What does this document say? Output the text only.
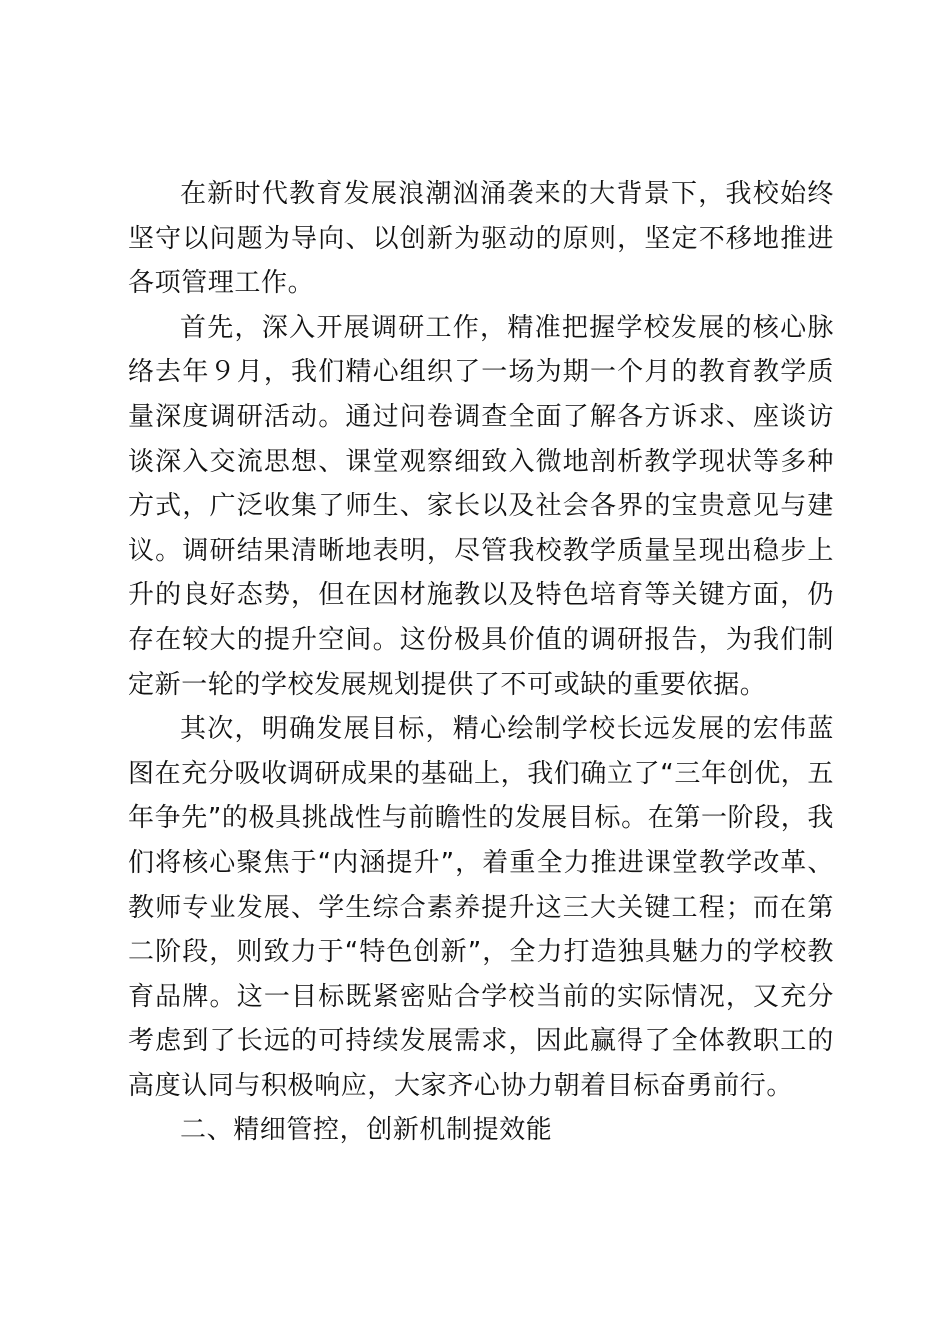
在新时代教育发展浪潮汹涌袭来的大背景下，我校始终坚守以问题为导向、以创新为驱动的原则，坚定不移地推进各项管理工作。

首先，深入开展调研工作，精准把握学校发展的核心脉络去年９月，我们精心组织了一场为期一个月的教育教学质量深度调研活动。通过问卷调查全面了解各方诉求、座谈访谈深入交流思想、课堂观察细致入微地剖析教学现状等多种方式，广泛收集了师生、家长以及社会各界的宝贵意见与建议。调研结果清晰地表明，尽管我校教学质量呈现出稳步上升的良好态势，但在因材施教以及特色培育等关键方面，仍存在较大的提升空间。这份极具价值的调研报告，为我们制定新一轮的学校发展规划提供了不可或缺的重要依据。

其次，明确发展目标，精心绘制学校长远发展的宏伟蓝图在充分吸收调研成果的基础上，我们确立了“三年创优，五年争先”的极具挑战性与前瞻性的发展目标。在第一阶段，我们将核心聚焦于“内涵提升”，着重全力推进课堂教学改革、教师专业发展、学生综合素养提升这三大关键工程；而在第二阶段，则致力于“特色创新”，全力打造独具魅力的学校教育品牌。这一目标既紧密贴合学校当前的实际情况，又充分考虑到了长远的可持续发展需求，因此赢得了全体教职工的高度认同与积极响应，大家齐心协力朝着目标奋勇前行。

二、精细管控，创新机制提效能
